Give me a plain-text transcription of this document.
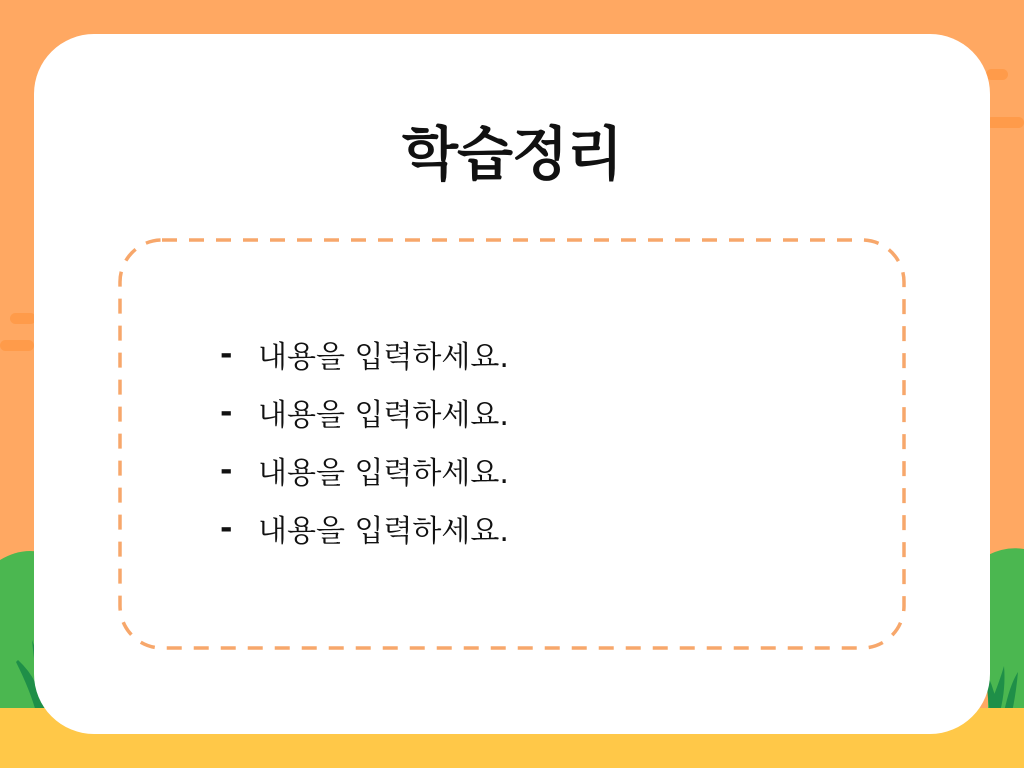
학습정리
- 내용을 입력하세요.
- 내용을 입력하세요.
- 내용을 입력하세요.
- 내용을 입력하세요.
